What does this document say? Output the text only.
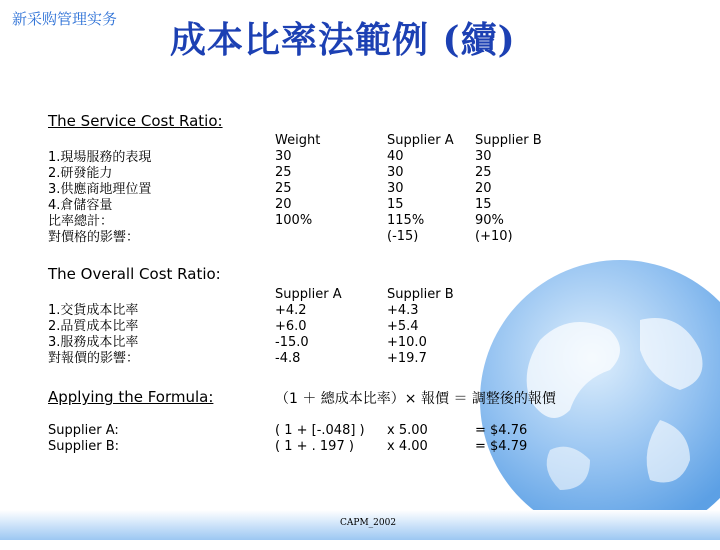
新采购管理实务 成本比率法範例 (續)
The Service Cost Ratio:
1.現場服務的表現
2.研發能力
3.供應商地理位置
4.倉儲容量
比率總計：
對價格的影響：
Weight
30
25
25
20
100%
Supplier A
40
30
30
15
115%
(-15)
Supplier B
30
25
20
15
90%
(+10)
The Overall Cost Ratio:
1.交貨成本比率
2.品質成本比率
3.服務成本比率
對報價的影響：
Supplier A
+4.2
+6.0
-15.0
-4.8
Supplier B
+4.3
+5.4
+10.0
+19.7
Applying the Formula:	（1 ＋ 總成本比率）× 報價 ＝ 調整後的報價
Supplier A:
Supplier B:
( 1 + [-.048] )
( 1 + . 197 )
x 5.00
x 4.00
= $4.76
= $4.79
CAPM_2002
